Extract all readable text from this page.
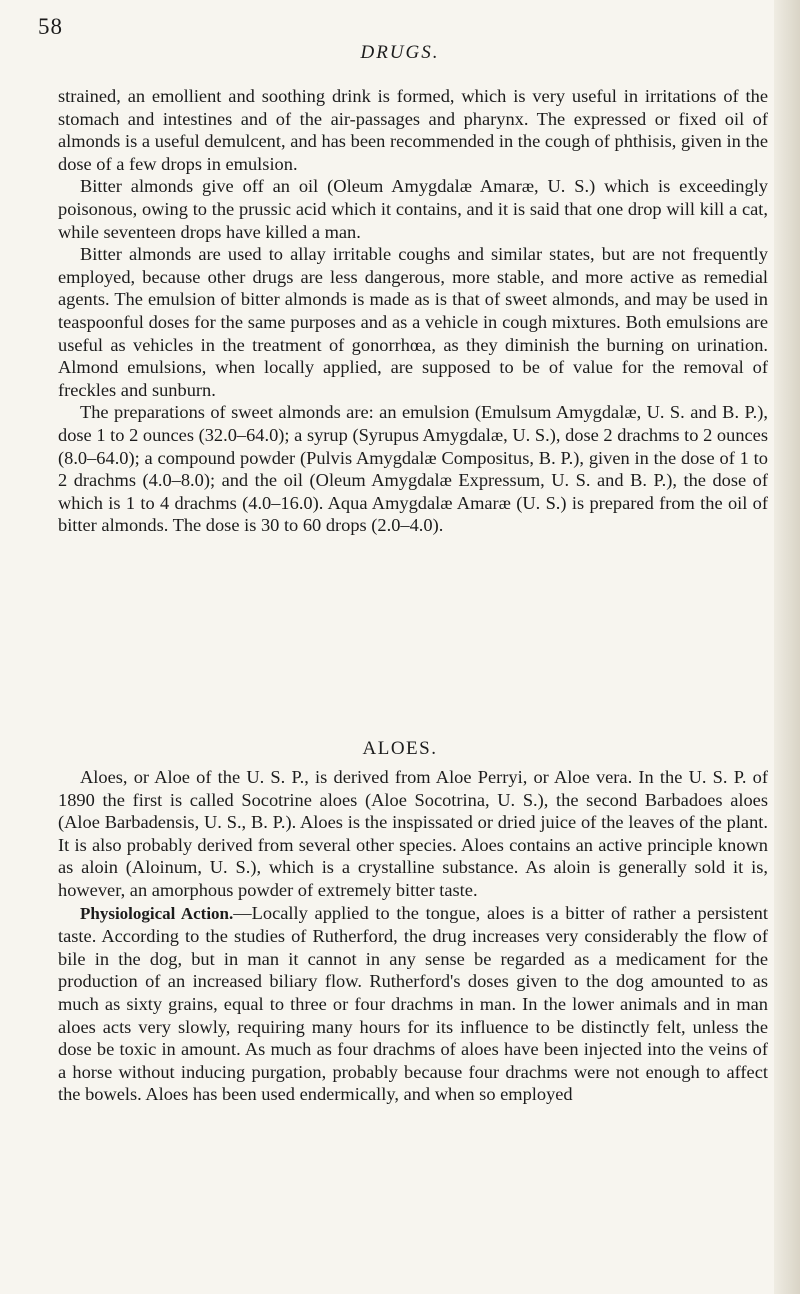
58
DRUGS.

strained, an emollient and soothing drink is formed, which is very useful in irritations of the stomach and intestines and of the air-passages and pharynx. The expressed or fixed oil of almonds is a useful demulcent, and has been recommended in the cough of phthisis, given in the dose of a few drops in emulsion.

Bitter almonds give off an oil (Oleum Amygdalæ Amaræ, U. S.) which is exceedingly poisonous, owing to the prussic acid which it contains, and it is said that one drop will kill a cat, while seventeen drops have killed a man.

Bitter almonds are used to allay irritable coughs and similar states, but are not frequently employed, because other drugs are less dangerous, more stable, and more active as remedial agents. The emulsion of bitter almonds is made as is that of sweet almonds, and may be used in teaspoonful doses for the same purposes and as a vehicle in cough mixtures. Both emulsions are useful as vehicles in the treatment of gonorrhœa, as they diminish the burning on urination. Almond emulsions, when locally applied, are supposed to be of value for the removal of freckles and sunburn.

The preparations of sweet almonds are: an emulsion (Emulsum Amygdalæ, U. S. and B. P.), dose 1 to 2 ounces (32.0–64.0); a syrup (Syrupus Amygdalæ, U. S.), dose 2 drachms to 2 ounces (8.0–64.0); a compound powder (Pulvis Amygdalæ Compositus, B. P.), given in the dose of 1 to 2 drachms (4.0–8.0); and the oil (Oleum Amygdalæ Expressum, U. S. and B. P.), the dose of which is 1 to 4 drachms (4.0–16.0). Aqua Amygdalæ Amaræ (U. S.) is prepared from the oil of bitter almonds. The dose is 30 to 60 drops (2.0–4.0).

ALOES.

Aloes, or Aloe of the U. S. P., is derived from Aloe Perryi, or Aloe vera. In the U. S. P. of 1890 the first is called Socotrine aloes (Aloe Socotrina, U. S.), the second Barbadoes aloes (Aloe Barbadensis, U. S., B. P.). Aloes is the inspissated or dried juice of the leaves of the plant. It is also probably derived from several other species. Aloes contains an active principle known as aloin (Aloinum, U. S.), which is a crystalline substance. As aloin is generally sold it is, however, an amorphous powder of extremely bitter taste.

Physiological Action.—Locally applied to the tongue, aloes is a bitter of rather a persistent taste. According to the studies of Rutherford, the drug increases very considerably the flow of bile in the dog, but in man it cannot in any sense be regarded as a medicament for the production of an increased biliary flow. Rutherford's doses given to the dog amounted to as much as sixty grains, equal to three or four drachms in man. In the lower animals and in man aloes acts very slowly, requiring many hours for its influence to be distinctly felt, unless the dose be toxic in amount. As much as four drachms of aloes have been injected into the veins of a horse without inducing purgation, probably because four drachms were not enough to affect the bowels. Aloes has been used endermically, and when so employed
